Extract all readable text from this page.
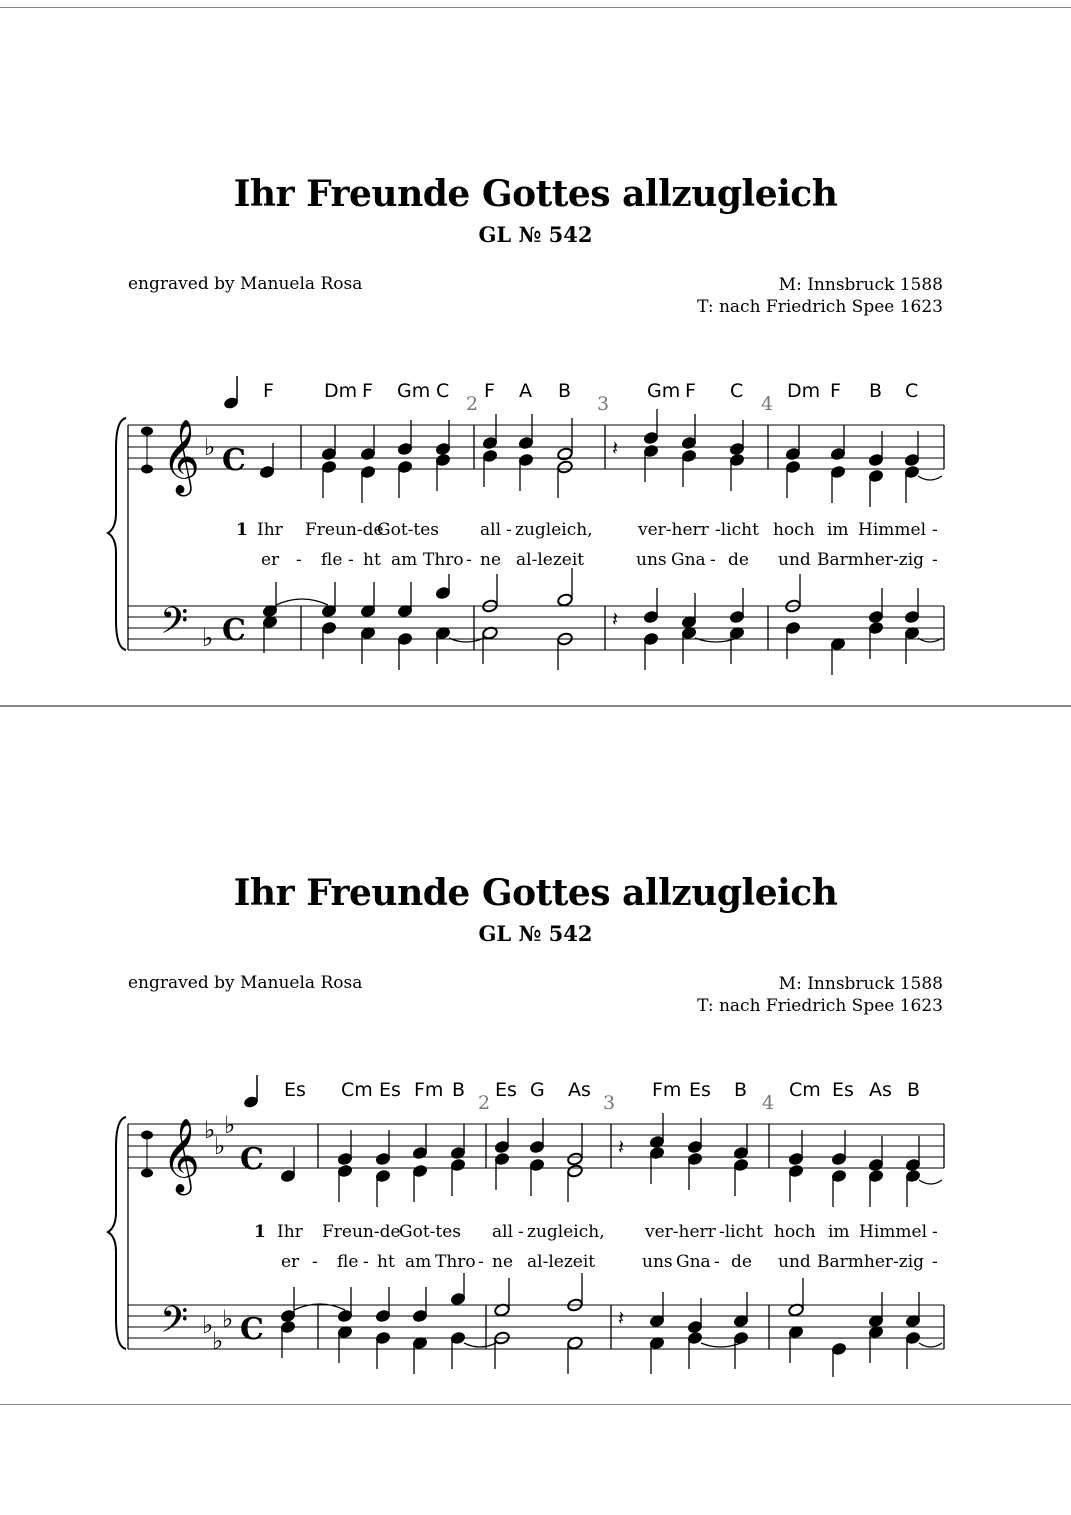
Ihr Freunde Gottes allzugleich
GL № 542
engraved by Manuela Rosa	M: Innsbruck 1588
T: nach Friedrich Spee 1623
F	Dm F Gm C F A B	Gm F C Dm F B C
2	3	4
𝄞 ♭ C
𝄢 ♭ C
𝄽
1 Ihr Freun-de
Got-tes all - zugleich,	ver-herr -licht hoch im Himmel -
er - fle - ht am Thro - ne al-lezeit	uns Gna - de und Barmher-zig -
𝄽
Ihr Freunde Gottes allzugleich
GL № 542
engraved by Manuela Rosa	M: Innsbruck 1588
T: nach Friedrich Spee 1623
Es Cm Es Fm B Es G As	Fm Es B Cm Es As B
2	3	4
𝄞 ♭
♭
♭
C
𝄢 ♭
♭
♭ C
𝄽
1 Ihr Freun-de
Got-tes all - zugleich, ver-herr -licht hoch im Himmel -
er - fle - ht am Thro - ne al-lezeit	uns Gna - de und Barmher-zig -
𝄽
